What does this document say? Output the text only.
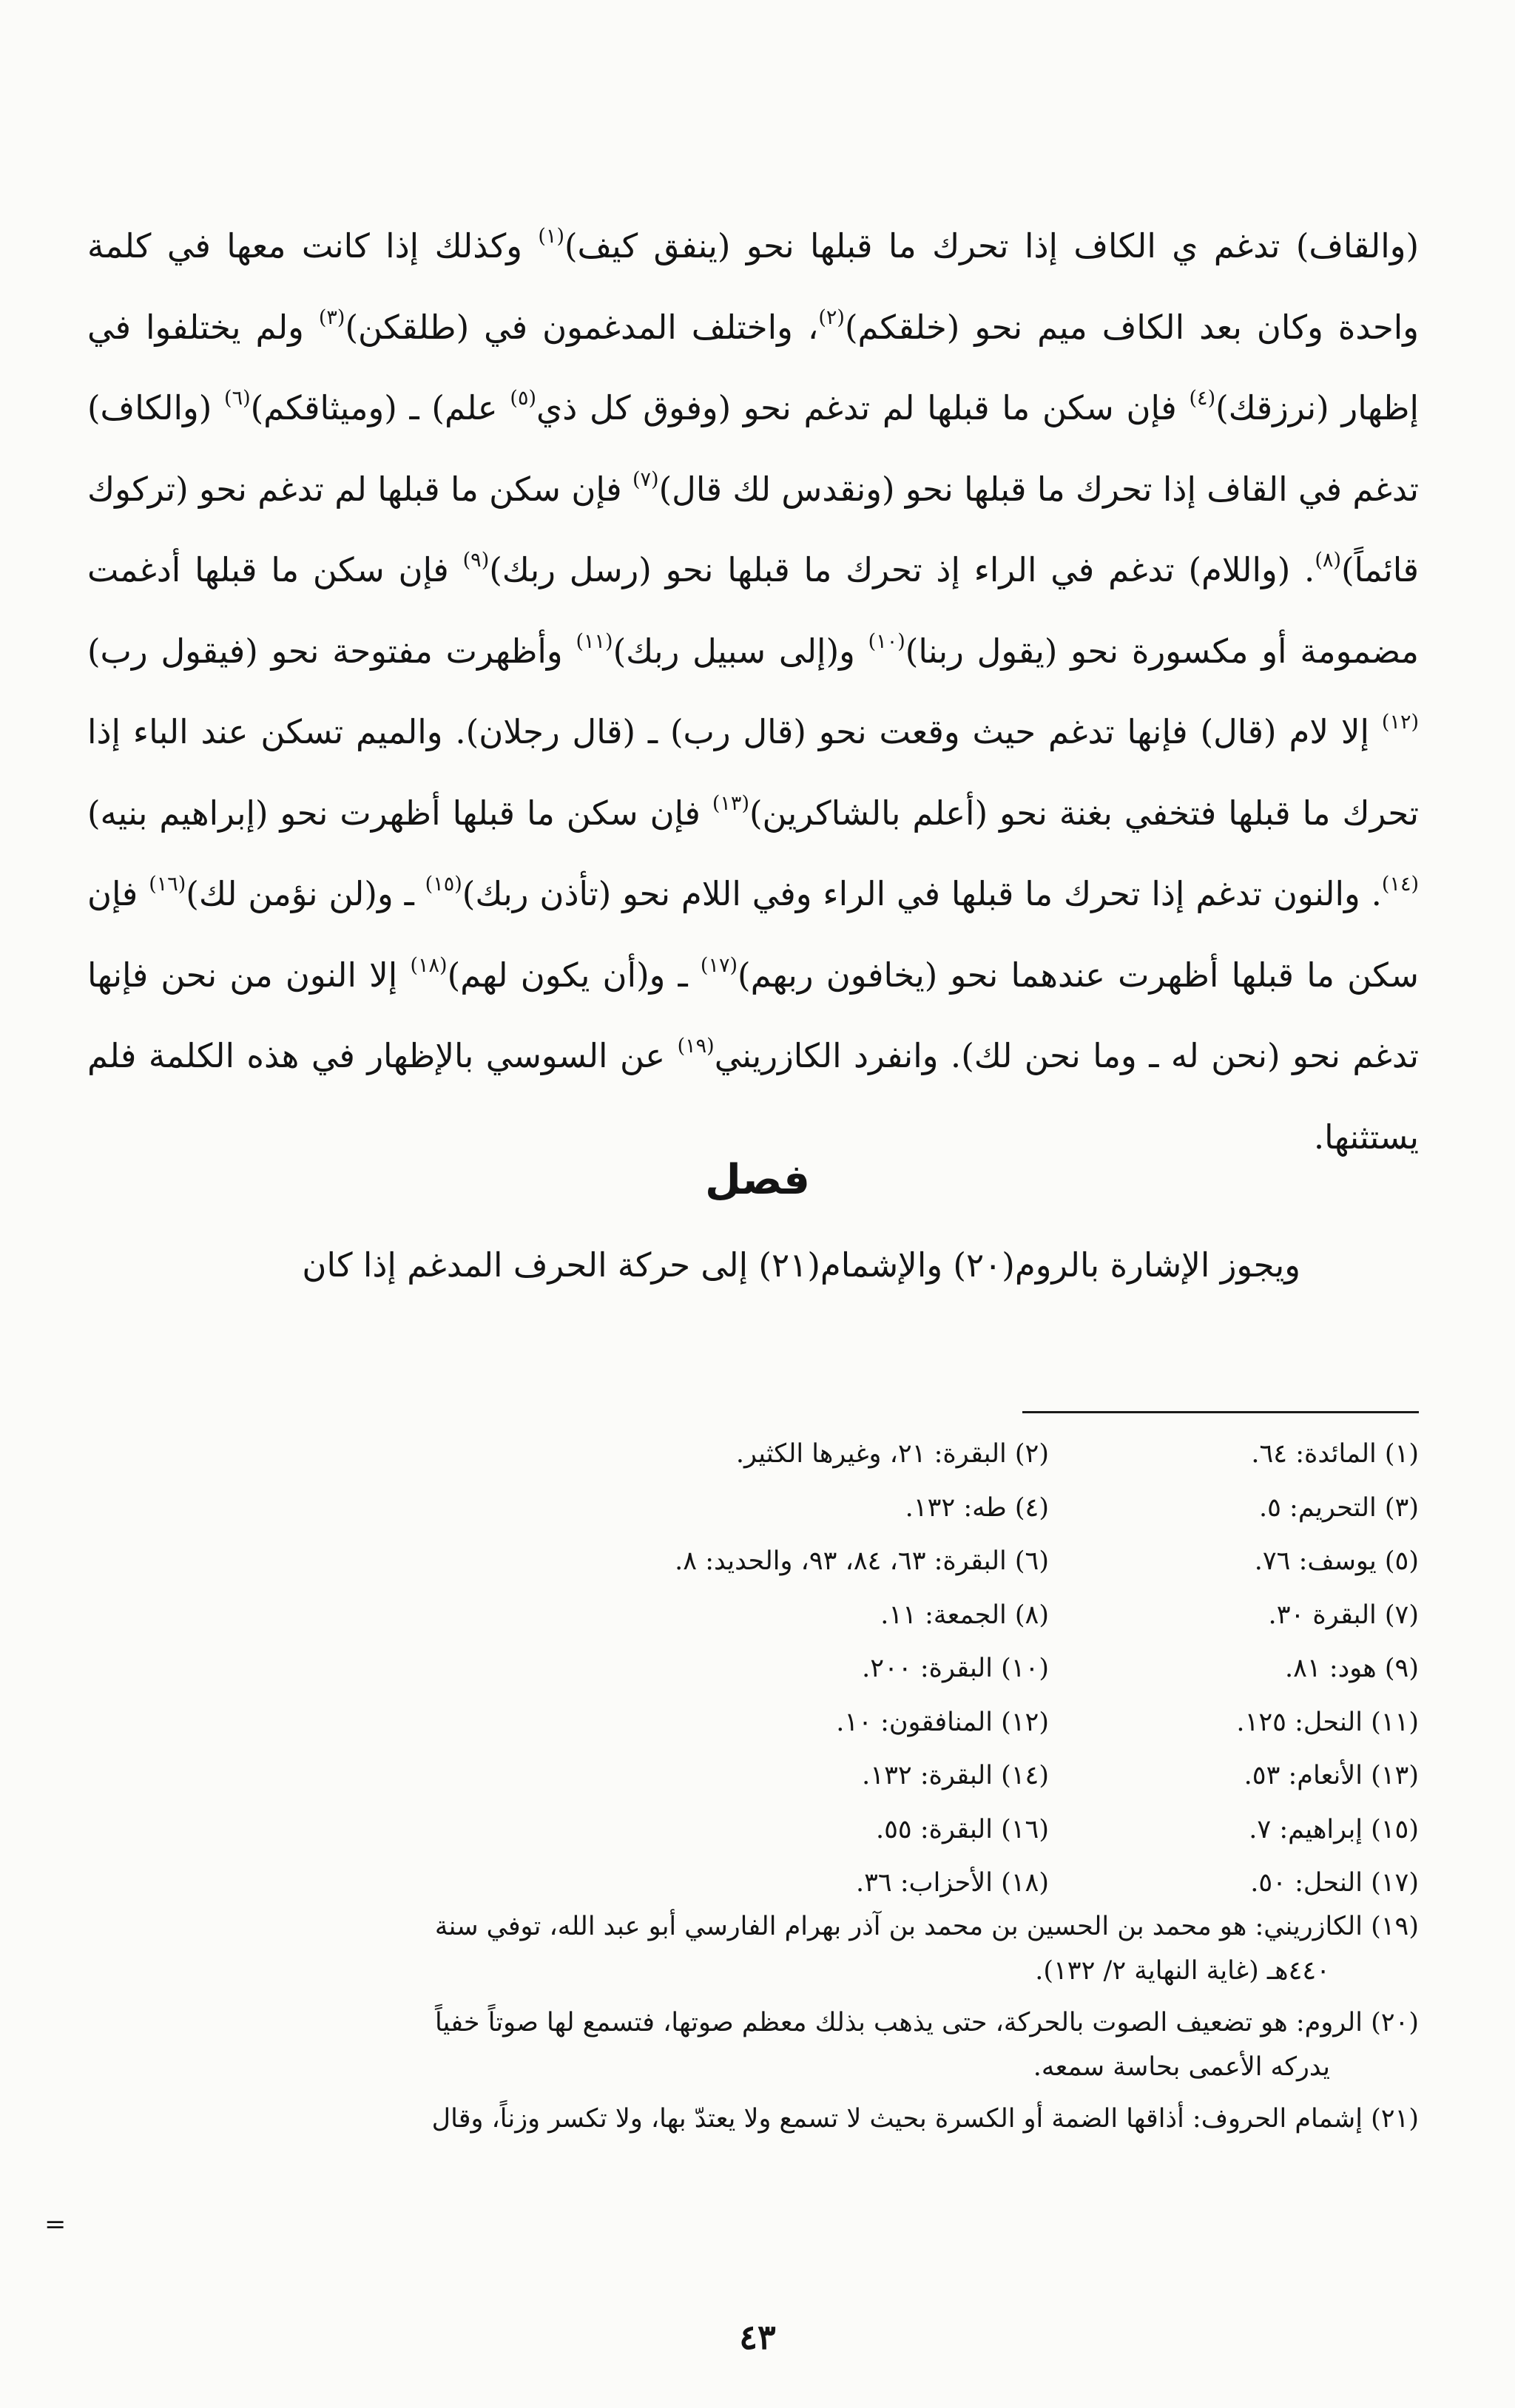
(والقاف) تدغم ي الكاف إذا تحرك ما قبلها نحو (ينفق كيف)$^{(١)}$ وكذلك إذا كانت معها في كلمة واحدة وكان بعد الكاف ميم نحو (خلقكم)$^{(٢)}$، واختلف المدغمون في (طلقكن)$^{(٣)}$ ولم يختلفوا في إظهار (نرزقك)$^{(٤)}$ فإن سكن ما قبلها لم تدغم نحو (وفوق كل ذي$^{(٥)}$ علم) ـ (وميثاقكم)$^{(٦)}$ (والكاف) تدغم في القاف إذا تحرك ما قبلها نحو (ونقدس لك قال)$^{(٧)}$ فإن سكن ما قبلها لم تدغم نحو (تركوك قائماً)$^{(٨)}$. (واللام) تدغم في الراء إذ تحرك ما قبلها نحو (رسل ربك)$^{(٩)}$ فإن سكن ما قبلها أدغمت مضمومة أو مكسورة نحو (يقول ربنا)$^{(١٠)}$ و(إلى سبيل ربك)$^{(١١)}$ وأظهرت مفتوحة نحو (فيقول رب)$^{(١٢)}$ إلا لام (قال) فإنها تدغم حيث وقعت نحو (قال رب) ـ (قال رجلان). والميم تسكن عند الباء إذا تحرك ما قبلها فتخفي بغنة نحو (أعلم بالشاكرين)$^{(١٣)}$ فإن سكن ما قبلها أظهرت نحو (إبراهيم بنيه)$^{(١٤)}$. والنون تدغم إذا تحرك ما قبلها في الراء وفي اللام نحو (تأذن ربك)$^{(١٥)}$ ـ و(لن نؤمن لك)$^{(١٦)}$ فإن سكن ما قبلها أظهرت عندهما نحو (يخافون ربهم)$^{(١٧)}$ ـ و(أن يكون لهم)$^{(١٨)}$ إلا النون من نحن فإنها تدغم نحو (نحن له ـ وما نحن لك). وانفرد الكازريني$^{(١٩)}$ عن السوسي بالإظهار في هذه الكلمة فلم يستثنها.

فصل
ويجوز الإشارة بالروم(٢٠) والإشمام(٢١) إلى حركة الحرف المدغم إذا كان
(١) المائدة: ٦٤.
(٢) البقرة: ٢١، وغيرها الكثير.
(٣) التحريم: ٥.
(٤) طه: ١٣٢.
(٥) يوسف: ٧٦.
(٦) البقرة: ٦٣، ٨٤، ٩٣، والحديد: ٨.
(٧) البقرة ٣٠.
(٨) الجمعة: ١١.
(٩) هود: ٨١.
(١٠) البقرة: ٢٠٠.
(١١) النحل: ١٢٥.
(١٢) المنافقون: ١٠.
(١٣) الأنعام: ٥٣.
(١٤) البقرة: ١٣٢.
(١٥) إبراهيم: ٧.
(١٦) البقرة: ٥٥.
(١٧) النحل: ٥٠.
(١٨) الأحزاب: ٣٦.
(١٩) الكازريني: هو محمد بن الحسين بن محمد بن آذر بهرام الفارسي أبو عبد الله، توفي سنة
٤٤٠هـ (غاية النهاية ٢/ ١٣٢).
(٢٠) الروم: هو تضعيف الصوت بالحركة، حتى يذهب بذلك معظم صوتها، فتسمع لها صوتاً خفياً
يدركه الأعمى بحاسة سمعه.
(٢١) إشمام الحروف: أذاقها الضمة أو الكسرة بحيث لا تسمع ولا يعتدّ بها، ولا تكسر وزناً، وقال
=
٤٣
